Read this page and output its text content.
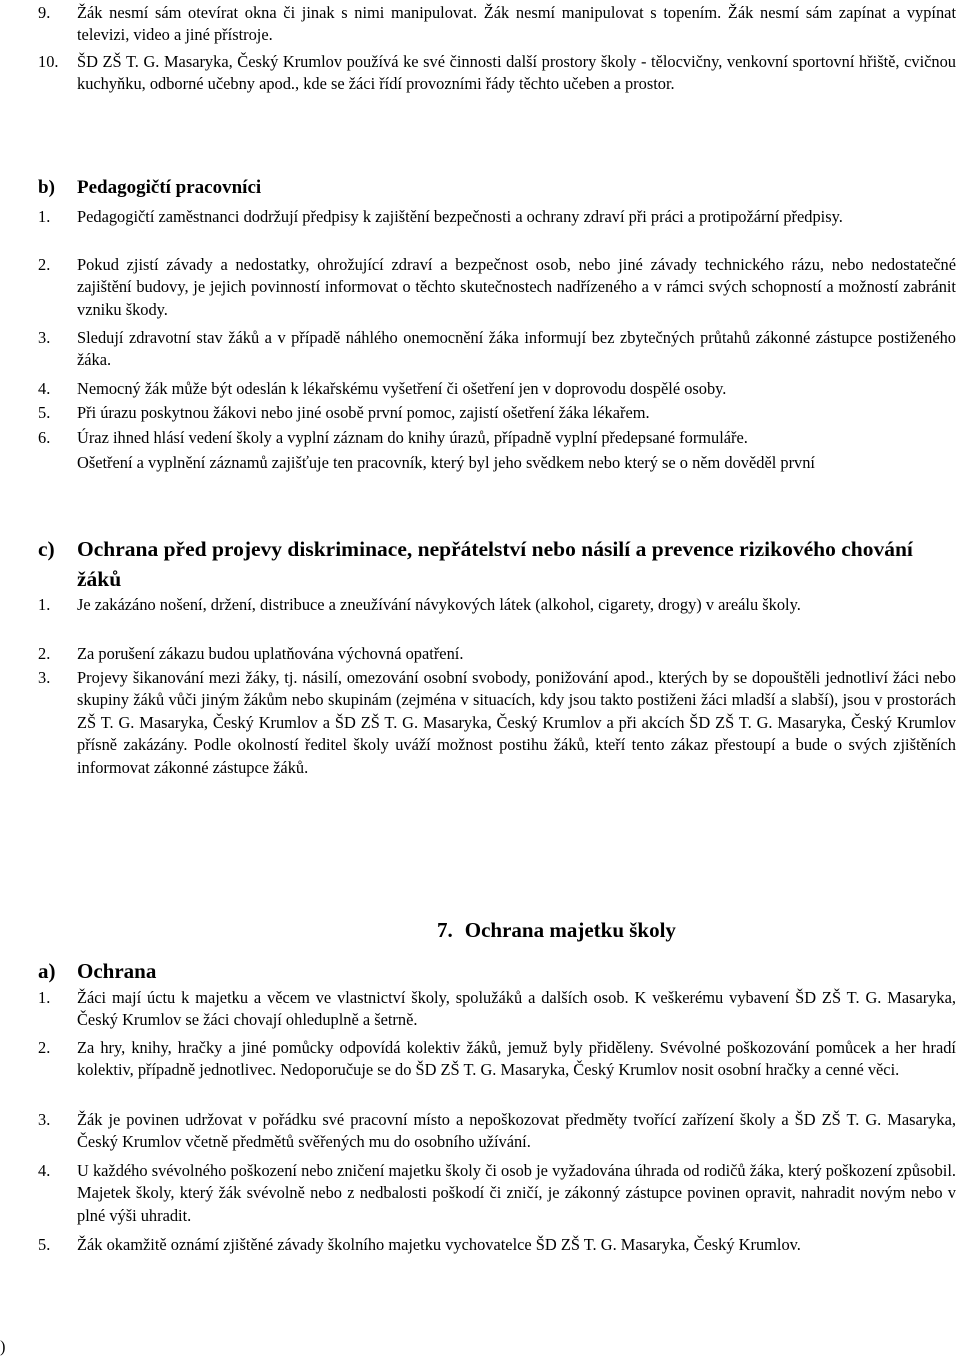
9. Žák nesmí sám otevírat okna či jinak s nimi manipulovat. Žák nesmí manipulovat s topením. Žák nesmí sám zapínat a vypínat televizi, video a jiné přístroje.
10. ŠD ZŠ T. G. Masaryka, Český Krumlov používá ke své činnosti další prostory školy - tělocvičny, venkovní sportovní hřiště, cvičnou kuchyňku, odborné učebny apod., kde se žáci řídí provozními řády těchto učeben a prostor.
b) Pedagogičtí pracovníci
1. Pedagogičtí zaměstnanci dodržují předpisy k zajištění bezpečnosti a ochrany zdraví při práci a protipožární předpisy.
2. Pokud zjistí závady a nedostatky, ohrožující zdraví a bezpečnost osob, nebo jiné závady technického rázu, nebo nedostatečné zajištění budovy, je jejich povinností informovat o těchto skutečnostech nadřízeného a v rámci svých schopností a možností zabránit vzniku škody.
3. Sledují zdravotní stav žáků a v případě náhlého onemocnění žáka informují bez zbytečných průtahů zákonné zástupce postiženého žáka.
4. Nemocný žák může být odeslán k lékařskému vyšetření či ošetření jen v doprovodu dospělé osoby.
5. Při úrazu poskytnou žákovi nebo jiné osobě první pomoc, zajistí ošetření žáka lékařem.
6. Úraz ihned hlásí vedení školy a vyplní záznam do knihy úrazů, případně vyplní předepsané formuláře.
Ošetření a vyplnění záznamů zajišťuje ten pracovník, který byl jeho svědkem nebo který se o něm dověděl první
c) Ochrana před projevy diskriminace, nepřátelství nebo násilí a prevence rizikového chování žáků
1. Je zakázáno nošení, držení, distribuce a zneužívání návykových látek (alkohol, cigarety, drogy) v areálu školy.
2. Za porušení zákazu budou uplatňována výchovná opatření.
3. Projevy šikanování mezi žáky, tj. násilí, omezování osobní svobody, ponižování apod., kterých by se dopouštěli jednotliví žáci nebo skupiny žáků vůči jiným žákům nebo skupinám (zejména v situacích, kdy jsou takto postiženi žáci mladší a slabší), jsou v prostorách ZŠ T. G. Masaryka, Český Krumlov a ŠD ZŠ T. G. Masaryka, Český Krumlov a při akcích ŠD ZŠ T. G. Masaryka, Český Krumlov přísně zakázány. Podle okolností ředitel školy uváží možnost postihu žáků, kteří tento zákaz přestoupí a bude o svých zjištěních informovat zákonné zástupce žáků.
7. Ochrana majetku školy
a) Ochrana
1. Žáci mají úctu k majetku a věcem ve vlastnictví školy, spolužáků a dalších osob. K veškerému vybavení ŠD ZŠ T. G. Masaryka, Český Krumlov se žáci chovají ohleduplně a šetrně.
2. Za hry, knihy, hračky a jiné pomůcky odpovídá kolektiv žáků, jemuž byly přiděleny. Svévolné poškozování pomůcek a her hradí kolektiv, případně jednotlivec. Nedoporučuje se do ŠD ZŠ T. G. Masaryka, Český Krumlov nosit osobní hračky a cenné věci.
3. Žák je povinen udržovat v pořádku své pracovní místo a nepoškozovat předměty tvořící zařízení školy a ŠD ZŠ T. G. Masaryka, Český Krumlov včetně předmětů svěřených mu do osobního užívání.
4. U každého svévolného poškození nebo zničení majetku školy či osob je vyžadována úhrada od rodičů žáka, který poškození způsobil. Majetek školy, který žák svévolně nebo z nedbalosti poškodí či zničí, je zákonný zástupce povinen opravit, nahradit novým nebo v plné výši uhradit.
5. Žák okamžitě oznámí zjištěné závady školního majetku vychovatelce ŠD ZŠ T. G. Masaryka, Český Krumlov.
)
